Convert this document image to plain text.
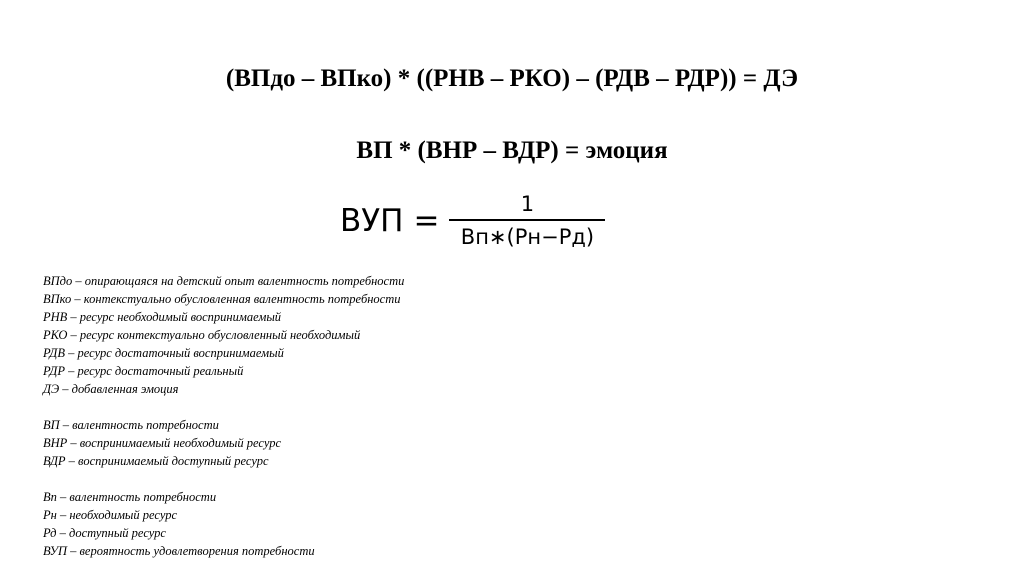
(ВПдо – ВПко) * ((РНВ – РКО) – (РДВ – РДР)) = ДЭ
ВП * (ВНР – ВДР) = эмоция
ВУП = $\frac{1}{Вп∗(Рн-Рд)}$
ВПдо – опирающаяся на детский опыт валентность потребности
ВПко – контекстуально обусловленная валентность потребности
РНВ – ресурс необходимый воспринимаемый
РКО – ресурс контекстуально обусловленный необходимый
РДВ – ресурс достаточный воспринимаемый
РДР – ресурс достаточный реальный
ДЭ – добавленная эмоция
ВП – валентность потребности
ВНР – воспринимаемый необходимый ресурс
ВДР – воспринимаемый доступный ресурс
Вп – валентность потребности
Рн – необходимый ресурс
Рд – доступный ресурс
ВУП – вероятность удовлетворения потребности
